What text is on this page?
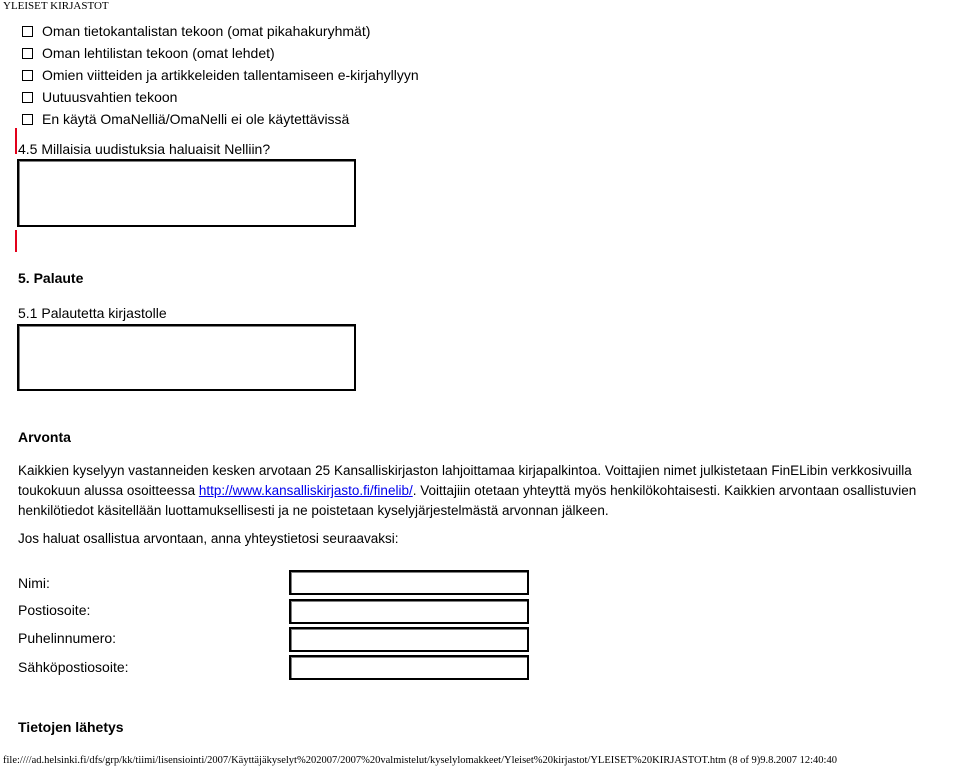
YLEISET KIRJASTOT
Oman tietokantalistan tekoon (omat pikahakuryhmät)
Oman lehtilistan tekoon (omat lehdet)
Omien viitteiden ja artikkeleiden tallentamiseen e-kirjahyllyyn
Uutuusvahtien tekoon
En käytä OmaNelliä/OmaNelli ei ole käytettävissä
4.5 Millaisia uudistuksia haluaisit Nelliin?
5. Palaute
5.1 Palautetta kirjastolle
Arvonta
Kaikkien kyselyyn vastanneiden kesken arvotaan 25 Kansalliskirjaston lahjoittamaa kirjapalkintoa. Voittajien nimet julkistetaan FinELibin verkkosivuilla toukokuun alussa osoitteessa http://www.kansalliskirjasto.fi/finelib/. Voittajiin otetaan yhteyttä myös henkilökohtaisesti. Kaikkien arvontaan osallistuvien henkilötiedot käsitellään luottamuksellisesti ja ne poistetaan kyselyjärjestelmästä arvonnan jälkeen.
Jos haluat osallistua arvontaan, anna yhteystietosi seuraavaksi:
Nimi:
Postiosoite:
Puhelinnumero:
Sähköpostiosoite:
Tietojen lähetys
file:////ad.helsinki.fi/dfs/grp/kk/tiimi/lisensiointi/2007/Käyttäjäkyselyt%202007/2007%20valmistelut/kyselylomakkeet/Yleiset%20kirjastot/YLEISET%20KIRJASTOT.htm (8 of 9)9.8.2007 12:40:40
